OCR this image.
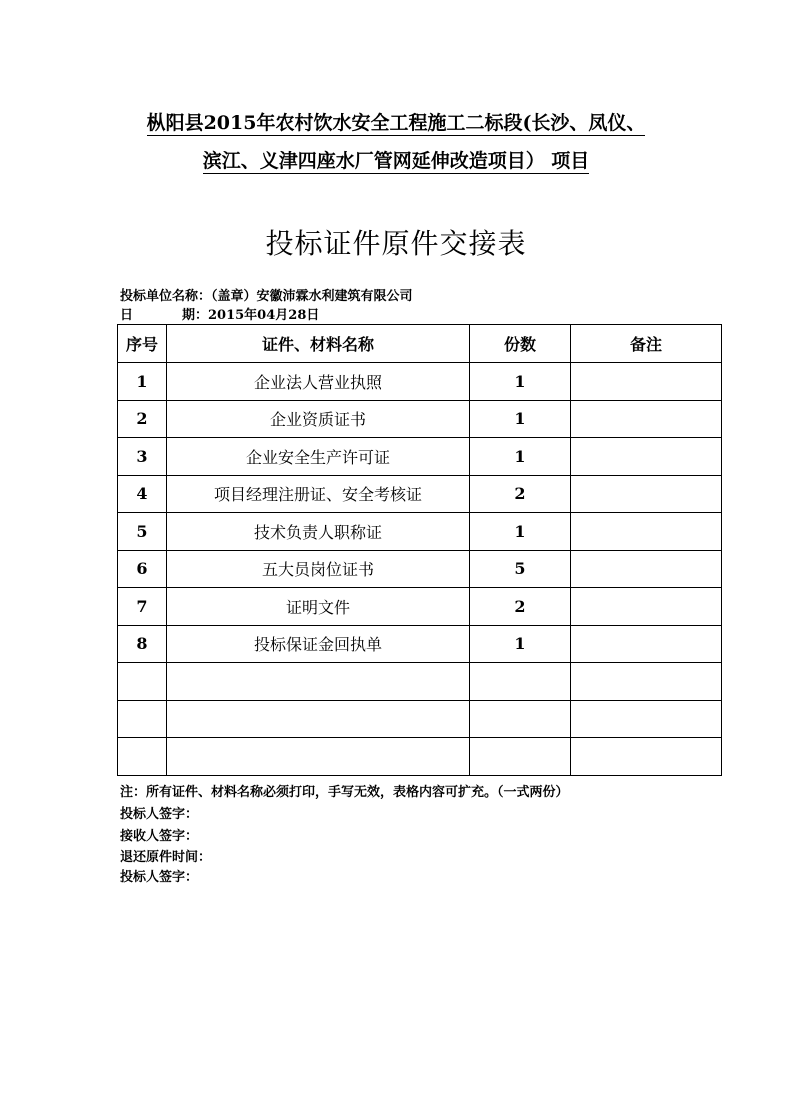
枞阳县2015年农村饮水安全工程施工二标段(长沙、凤仪、
滨江、义津四座水厂管网延伸改造项目） 项目
投标证件原件交接表
投标单位名称：（盖章）安徽沛霖水利建筑有限公司
日	期：2015年04月28日
序号	证件、材料名称	份数	备注
1	企业法人营业执照	1	
2	企业资质证书	1	
3	企业安全生产许可证	1	
4	项目经理注册证、安全考核证	2	
5	技术负责人职称证	1	
6	五大员岗位证书	5	
7	证明文件	2	
8	投标保证金回执单	1	

注：所有证件、材料名称必须打印，手写无效，表格内容可扩充。（一式两份）
投标人签字：
接收人签字：
退还原件时间：
投标人签字：
